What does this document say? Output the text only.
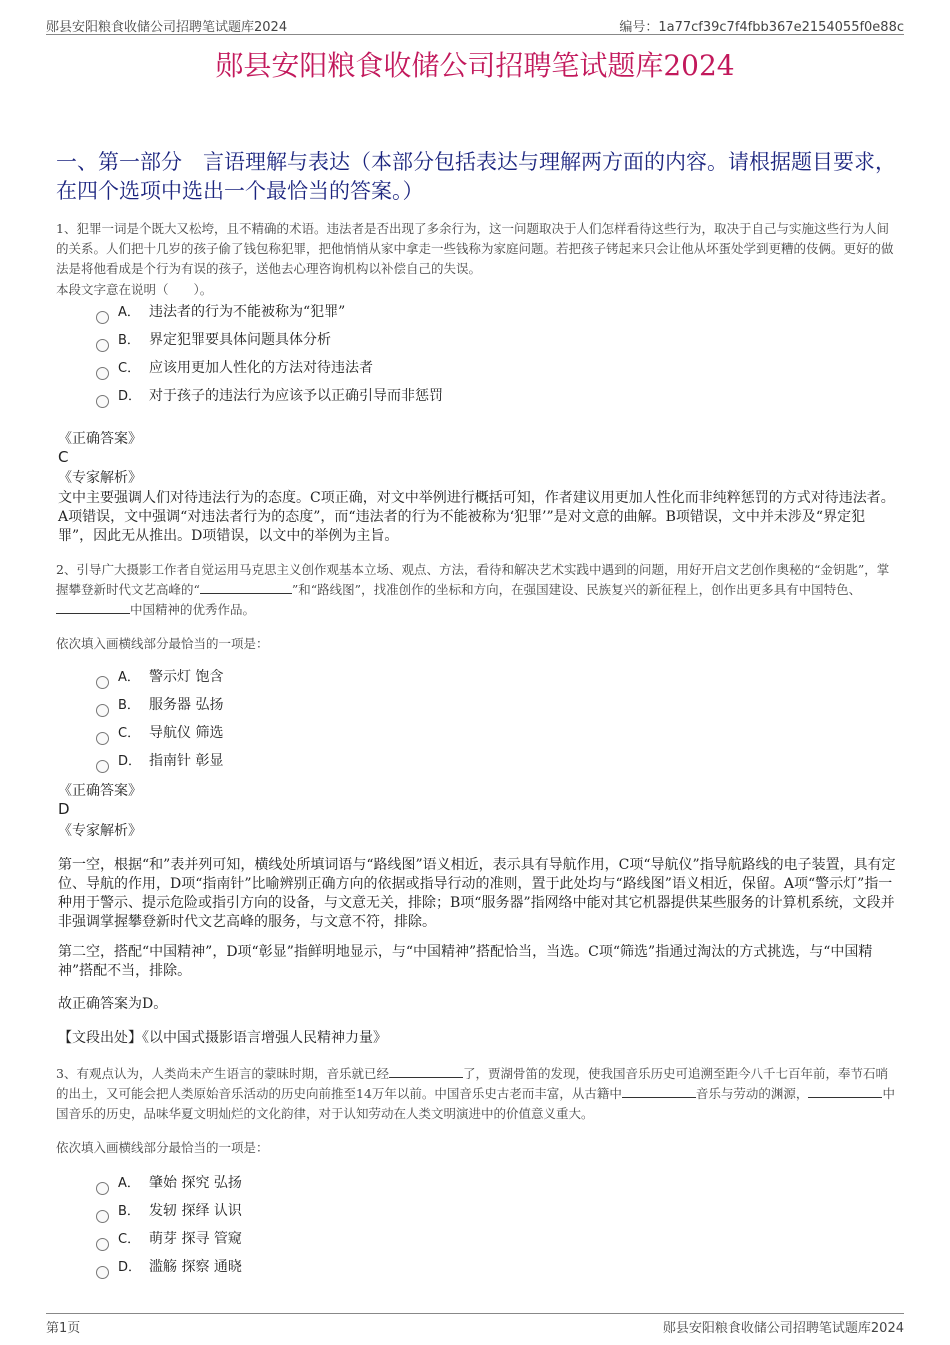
郧县安阳粮食收储公司招聘笔试题库2024	编号：1a77cf39c7f4fbb367e2154055f0e88c
郧县安阳粮食收储公司招聘笔试题库2024
一、第一部分　言语理解与表达（本部分包括表达与理解两方面的内容。请根据题目要求，在四个选项中选出一个最恰当的答案。）
1、犯罪一词是个既大又松垮，且不精确的术语。违法者是否出现了多余行为，这一问题取决于人们怎样看待这些行为，取决于自己与实施这些行为人间的关系。人们把十几岁的孩子偷了钱包称犯罪，把他悄悄从家中拿走一些钱称为家庭问题。若把孩子铐起来只会让他从坏蛋处学到更糟的伎俩。更好的做法是将他看成是个行为有误的孩子，送他去心理咨询机构以补偿自己的失误。
本段文字意在说明（　　）。
A． 违法者的行为不能被称为“犯罪”
B． 界定犯罪要具体问题具体分析
C． 应该用更加人性化的方法对待违法者
D． 对于孩子的违法行为应该予以正确引导而非惩罚
《正确答案》
C
《专家解析》
文中主要强调人们对待违法行为的态度。C项正确，对文中举例进行概括可知，作者建议用更加人性化而非纯粹惩罚的方式对待违法者。A项错误，文中强调“对违法者行为的态度”，而“违法者的行为不能被称为‘犯罪’”是对文意的曲解。B项错误，文中并未涉及“界定犯罪”，因此无从推出。D项错误，以文中的举例为主旨。
2、引导广大摄影工作者自觉运用马克思主义创作观基本立场、观点、方法，看待和解决艺术实践中遇到的问题，用好开启文艺创作奥秘的“金钥匙”，掌握攀登新时代文艺高峰的“	”和“路线图”，找准创作的坐标和方向，在强国建设、民族复兴的新征程上，创作出更多具有中国特色、中国精神的优秀作品。
依次填入画横线部分最恰当的一项是：
A． 警示灯 饱含
B． 服务器 弘扬
C． 导航仪 筛选
D． 指南针 彰显
《正确答案》
D
《专家解析》
第一空，根据“和”表并列可知，横线处所填词语与“路线图”语义相近，表示具有导航作用，C项“导航仪”指导航路线的电子装置，具有定位、导航的作用，D项“指南针”比喻辨别正确方向的依据或指导行动的准则，置于此处均与“路线图”语义相近，保留。A项“警示灯”指一种用于警示、提示危险或指引方向的设备，与文意无关，排除；B项“服务器”指网络中能对其它机器提供某些服务的计算机系统，文段并非强调掌握攀登新时代文艺高峰的服务，与文意不符，排除。
第二空，搭配“中国精神”，D项“彰显”指鲜明地显示，与“中国精神”搭配恰当，当选。C项“筛选”指通过淘汰的方式挑选，与“中国精神”搭配不当，排除。
故正确答案为D。
【文段出处】《以中国式摄影语言增强人民精神力量》
3、有观点认为，人类尚未产生语言的蒙昧时期，音乐就已经	了，贾湖骨笛的发现，使我国音乐历史可追溯至距今八千七百年前，奉节石哨的出土，又可能会把人类原始音乐活动的历史向前推至14万年以前。中国音乐史古老而丰富，从古籍中	音乐与劳动的渊源，	中国音乐的历史，品味华夏文明灿烂的文化韵律，对于认知劳动在人类文明演进中的价值意义重大。
依次填入画横线部分最恰当的一项是：
A． 肇始 探究 弘扬
B． 发轫 探绎 认识
C． 萌芽 探寻 管窥
D． 滥觞 探察 通晓
第1页	郧县安阳粮食收储公司招聘笔试题库2024
